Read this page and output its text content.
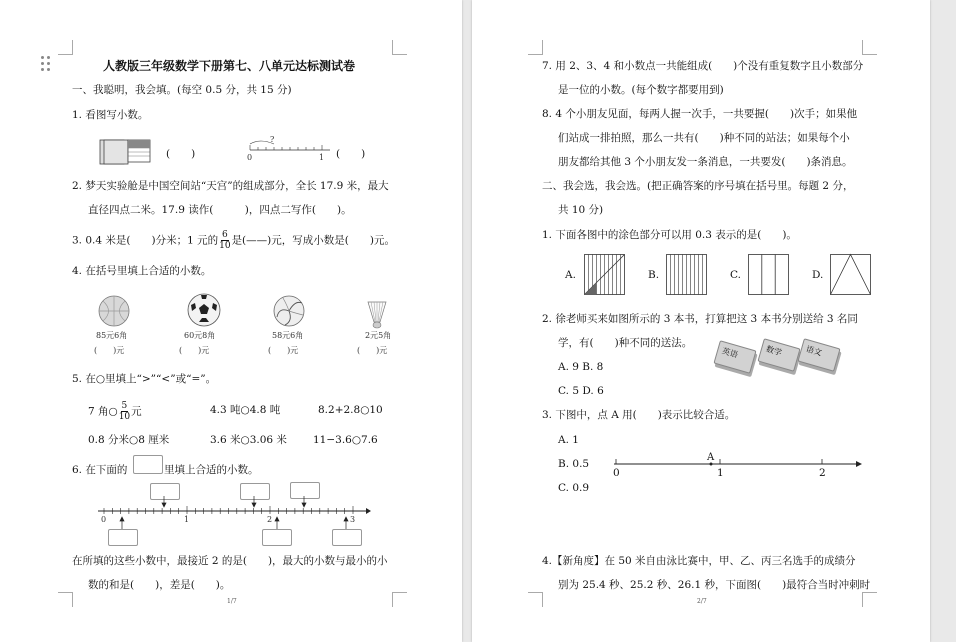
人教版三年级数学下册第七、八单元达标测试卷
一、我聪明，我会填。(每空 0.5 分，共 15 分)
1. 看图写小数。
(　　)
?
0	1 (　　)
2. 梦天实验舱是中国空间站“天宫”的组成部分，全长 17.9 米，最大
直径四点二米。17.9 读作(　　　)，四点二写作(　　)。
3. 0.4 米是(　　)分米；1 元的 $\frac{6}{10}$ 是(——)元，写成小数是(　　)元。
4. 在括号里填上合适的小数。
85元6角	60元8角	58元6角	2元5角
(　　)元	(　　)元	(　　)元	(　　)元
5. 在○里填上“>”“<”或“=”。
7 角○ $\frac{5}{10}$ 元	4.3 吨○4.8 吨	8.2+2.8○10
0.8 分米○8 厘米	3.6 米○3.06 米 11−3.6○7.6
6. 在下面的	里填上合适的小数。
0	1	2	3
在所填的这些小数中，最接近 2 的是(　　)，最大的小数与最小的小
数的和是(　　)，差是(　　)。
1/7
7. 用 2、3、4 和小数点一共能组成(　　)个没有重复数字且小数部分
是一位的小数。(每个数字都要用到)
8. 4 个小朋友见面，每两人握一次手，一共要握(　　)次手；如果他
们站成一排拍照，那么一共有(　　)种不同的站法；如果每个小
朋友都给其他 3 个小朋友发一条消息，一共要发(　　)条消息。
二、我会选，我会选。(把正确答案的序号填在括号里。每题 2 分，
共 10 分)
1. 下面各图中的涂色部分可以用 0.3 表示的是(　　)。
A.	B.	C.	D.
2. 徐老师买来如图所示的 3 本书，打算把这 3 本书分别送给 3 名同
学，有(　　)种不同的送法。
A. 9 B. 8
C. 5 D. 6
英语	数学	语文
3. 下图中，点 A 用(　　)表示比较合适。
A. 1
B. 0.5
C. 0.9
A
0	1	2
4.【新角度】在 50 米自由泳比赛中，甲、乙、丙三名选手的成绩分
别为 25.4 秒、25.2 秒、26.1 秒，下面图(　　)最符合当时冲刺时
2/7
